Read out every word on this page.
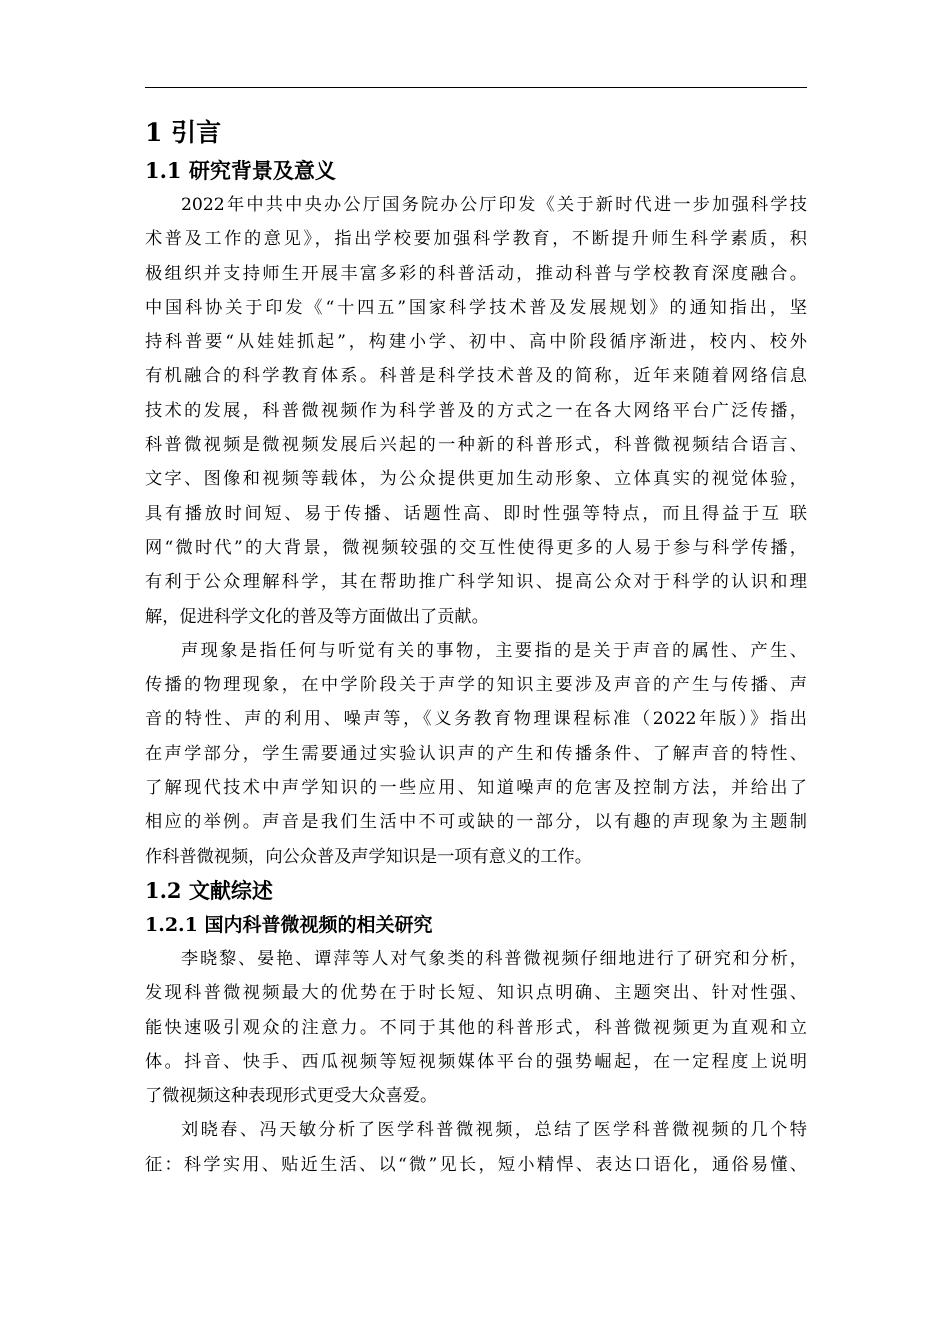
1 引言
1.1 研究背景及意义
2022年中共中央办公厅国务院办公厅印发《关于新时代进一步加强科学技
术普及工作的意见》，指出学校要加强科学教育，不断提升师生科学素质，积
极组织并支持师生开展丰富多彩的科普活动，推动科普与学校教育深度融合。
中国科协关于印发《“十四五”国家科学技术普及发展规划》的通知指出，坚
持科普要“从娃娃抓起”，构建小学、初中、高中阶段循序渐进，校内、校外
有机融合的科学教育体系。科普是科学技术普及的简称，近年来随着网络信息
技术的发展，科普微视频作为科学普及的方式之一在各大网络平台广泛传播，
科普微视频是微视频发展后兴起的一种新的科普形式，科普微视频结合语言、
文字、图像和视频等载体，为公众提供更加生动形象、立体真实的视觉体验，
具有播放时间短、易于传播、话题性高、即时性强等特点，而且得益于互 联
网“微时代”的大背景，微视频较强的交互性使得更多的人易于参与科学传播，
有利于公众理解科学，其在帮助推广科学知识、提高公众对于科学的认识和理
解，促进科学文化的普及等方面做出了贡献。
声现象是指任何与听觉有关的事物，主要指的是关于声音的属性、产生、
传播的物理现象，在中学阶段关于声学的知识主要涉及声音的产生与传播、声
音的特性、声的利用、噪声等，《义务教育物理课程标准（2022年版）》指出
在声学部分，学生需要通过实验认识声的产生和传播条件、了解声音的特性、
了解现代技术中声学知识的一些应用、知道噪声的危害及控制方法，并给出了
相应的举例。声音是我们生活中不可或缺的一部分，以有趣的声现象为主题制
作科普微视频，向公众普及声学知识是一项有意义的工作。
1.2 文献综述
1.2.1 国内科普微视频的相关研究
李晓黎、晏艳、谭萍等人对气象类的科普微视频仔细地进行了研究和分析，
发现科普微视频最大的优势在于时长短、知识点明确、主题突出、针对性强、
能快速吸引观众的注意力。不同于其他的科普形式，科普微视频更为直观和立
体。抖音、快手、西瓜视频等短视频媒体平台的强势崛起，在一定程度上说明
了微视频这种表现形式更受大众喜爱。
刘晓春、冯天敏分析了医学科普微视频，总结了医学科普微视频的几个特
征：科学实用、贴近生活、以“微”见长，短小精悍、表达口语化，通俗易懂、
